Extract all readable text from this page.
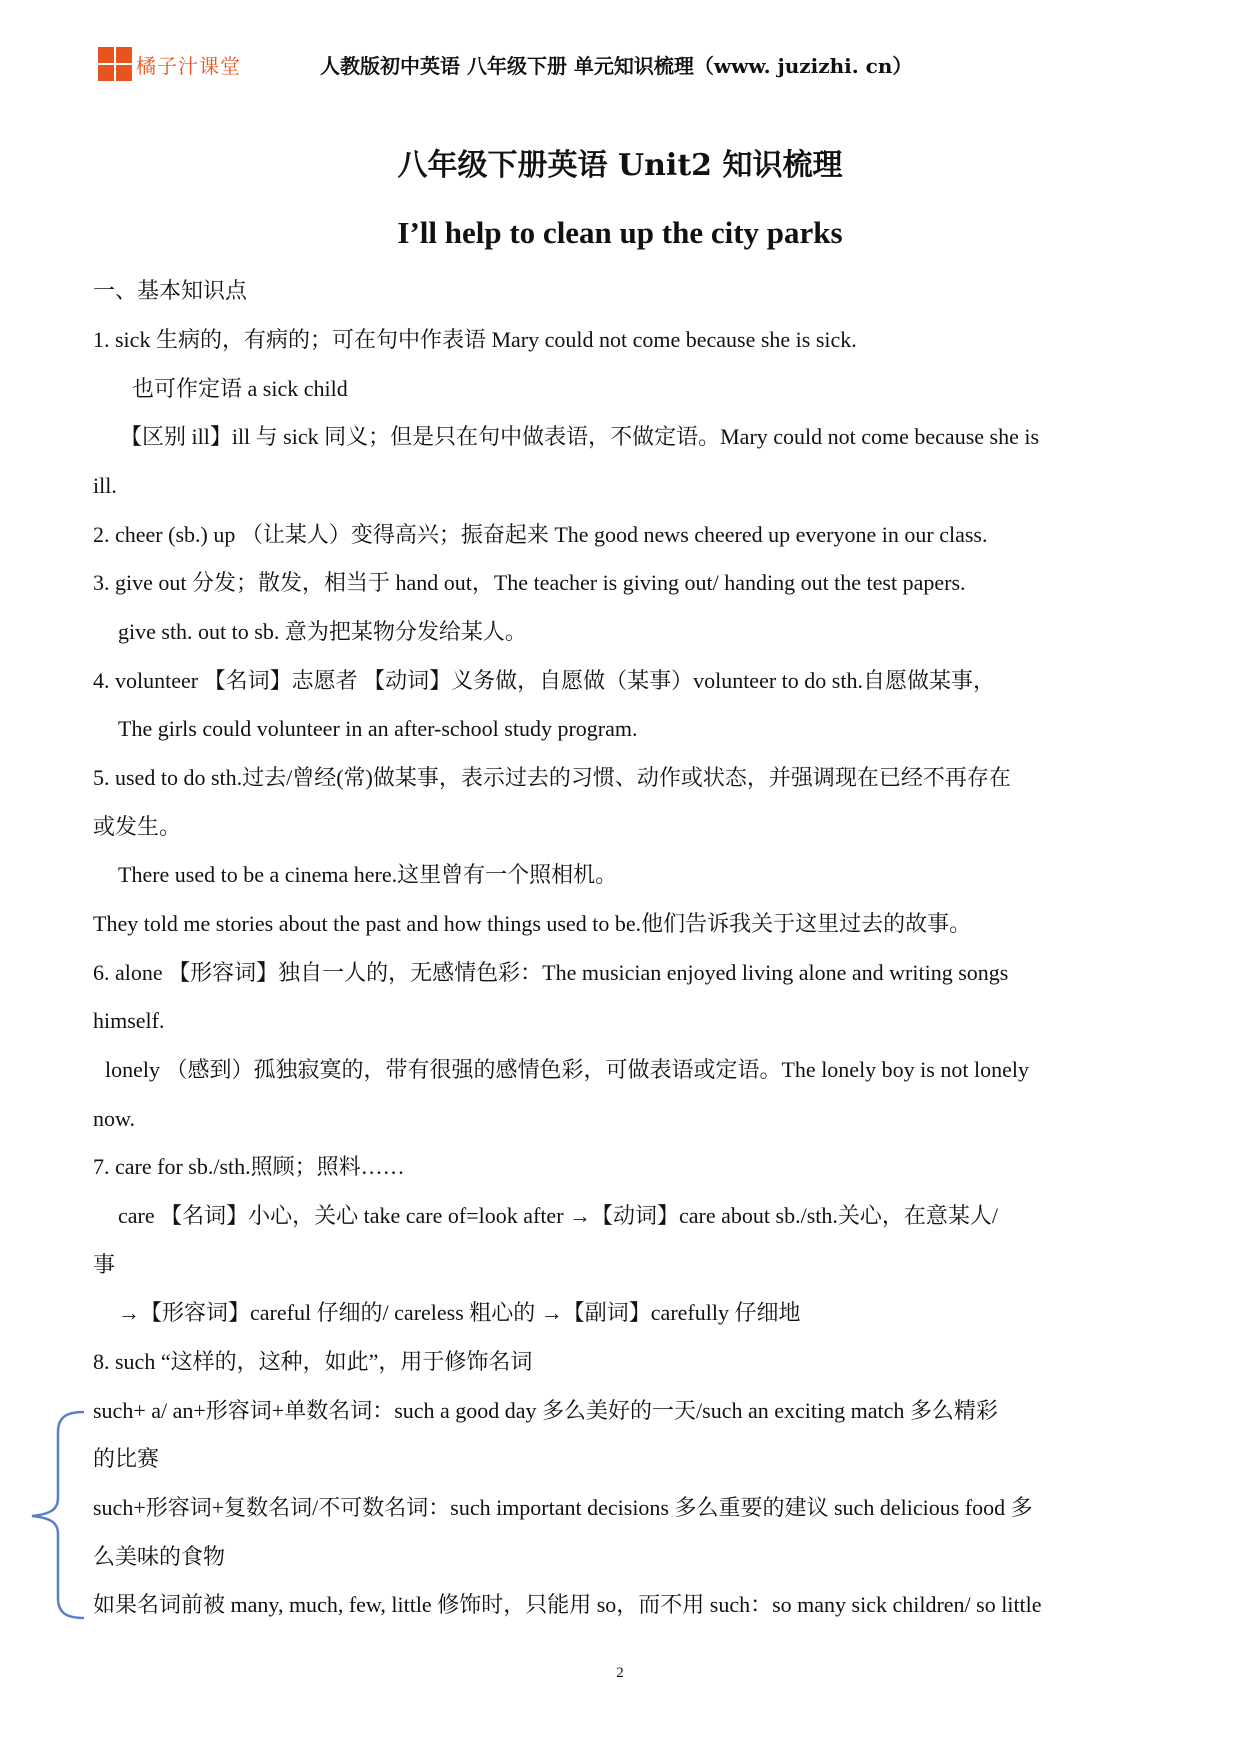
橘子汁课堂	人教版初中英语 八年级下册 单元知识梳理（www. juzizhi. cn）
八年级下册英语 Unit2 知识梳理
I’ll help to clean up the city parks
一、基本知识点
1. sick 生病的，有病的；可在句中作表语 Mary could not come because she is sick.
也可作定语 a sick child
【区别 ill】ill 与 sick 同义；但是只在句中做表语，不做定语。Mary could not come because she is
ill.
2. cheer (sb.) up （让某人）变得高兴；振奋起来 The good news cheered up everyone in our class.
3. give out 分发；散发，相当于 hand out，The teacher is giving out/ handing out the test papers.
give sth. out to sb. 意为把某物分发给某人。
4. volunteer 【名词】志愿者 【动词】义务做，自愿做（某事）volunteer to do sth.自愿做某事，
The girls could volunteer in an after-school study program.
5. used to do sth.过去/曾经(常)做某事，表示过去的习惯、动作或状态，并强调现在已经不再存在
或发生。
There used to be a cinema here.这里曾有一个照相机。
They told me stories about the past and how things used to be.他们告诉我关于这里过去的故事。
6. alone 【形容词】独自一人的，无感情色彩：The musician enjoyed living alone and writing songs
himself.
lonely （感到）孤独寂寞的，带有很强的感情色彩，可做表语或定语。The lonely boy is not lonely
now.
7. care for sb./sth.照顾；照料……
care 【名词】小心，关心 take care of=look after →【动词】care about sb./sth.关心，在意某人/
事
→【形容词】careful 仔细的/ careless 粗心的 →【副词】carefully 仔细地
8. such “这样的，这种，如此”，用于修饰名词
such+ a/ an+形容词+单数名词：such a good day 多么美好的一天/such an exciting match 多么精彩
的比赛
such+形容词+复数名词/不可数名词：such important decisions 多么重要的建议 such delicious food 多
么美味的食物
如果名词前被 many, much, few, little 修饰时，只能用 so，而不用 such：so many sick children/ so little
2
